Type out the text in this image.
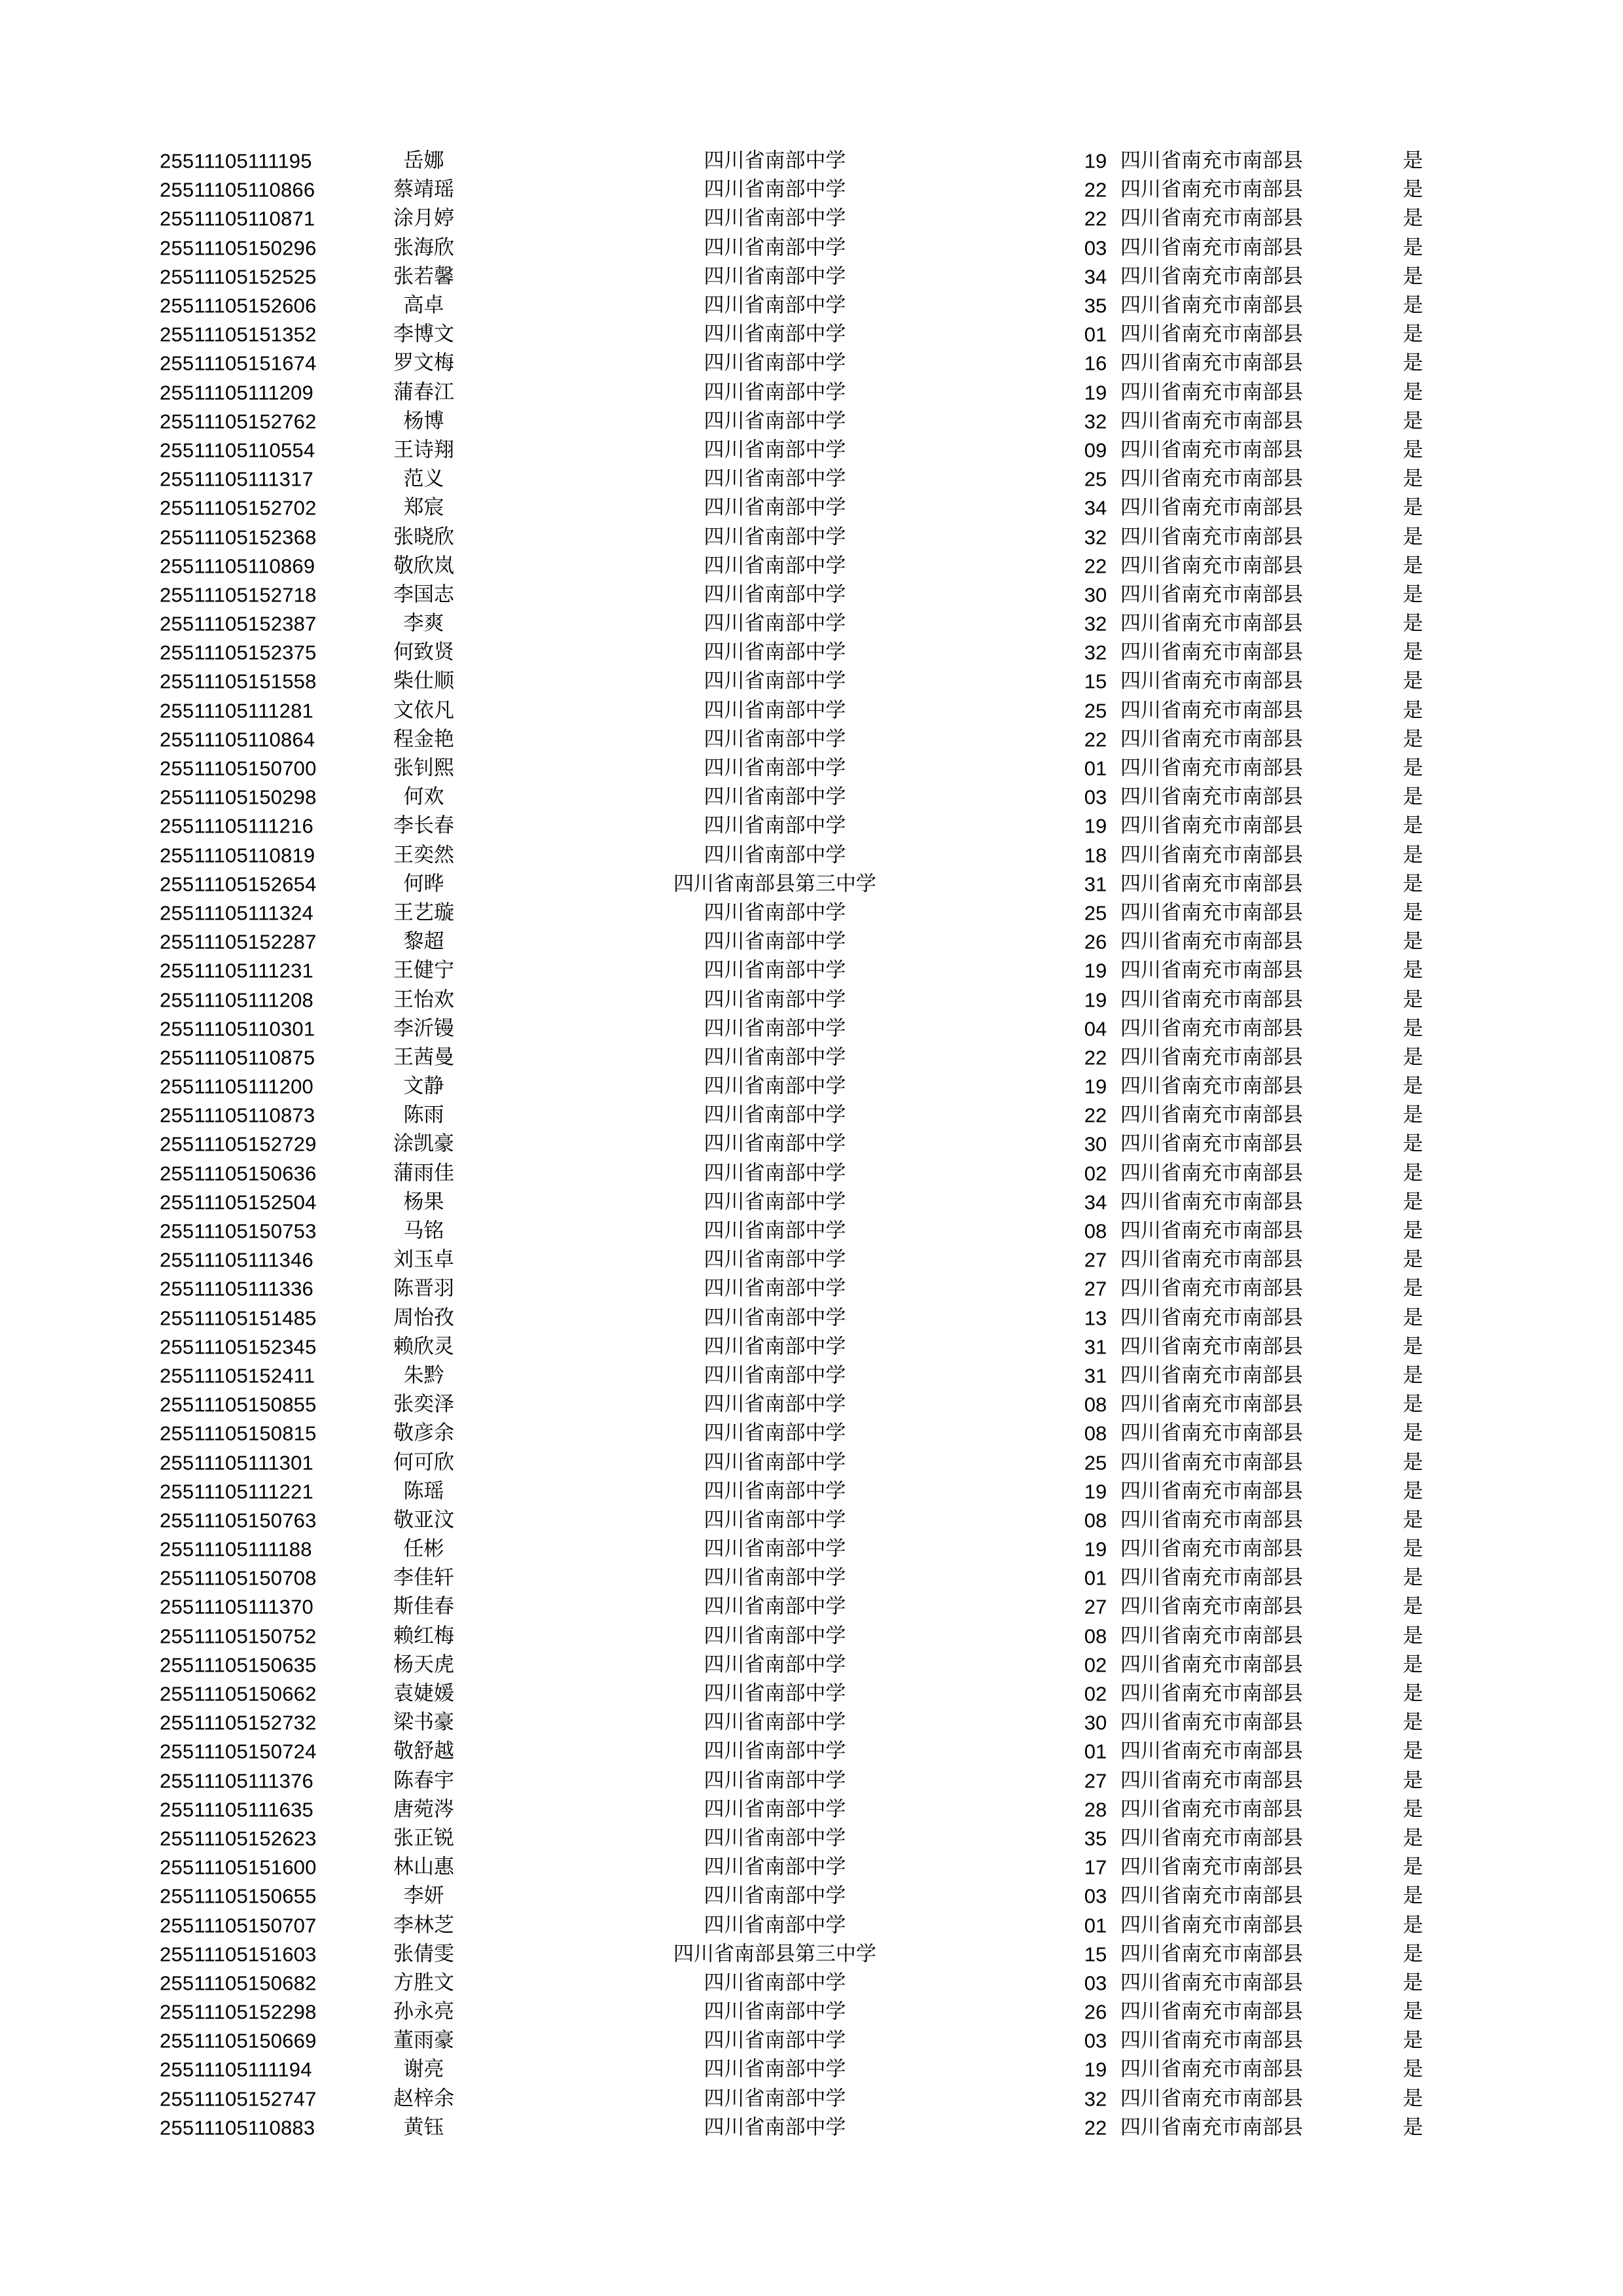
25511105111195	岳娜	四川省南部中学	19 四川省南充市南部县	是
25511105110866	蔡靖瑶	四川省南部中学	22 四川省南充市南部县	是
25511105110871	涂月婷	四川省南部中学	22 四川省南充市南部县	是
25511105150296	张海欣	四川省南部中学	03 四川省南充市南部县	是
25511105152525	张若馨	四川省南部中学	34 四川省南充市南部县	是
25511105152606	高卓	四川省南部中学	35 四川省南充市南部县	是
25511105151352	李博文	四川省南部中学	01 四川省南充市南部县	是
25511105151674	罗文梅	四川省南部中学	16 四川省南充市南部县	是
25511105111209	蒲春江	四川省南部中学	19 四川省南充市南部县	是
25511105152762	杨博	四川省南部中学	32 四川省南充市南部县	是
25511105110554	王诗翔	四川省南部中学	09 四川省南充市南部县	是
25511105111317	范义	四川省南部中学	25 四川省南充市南部县	是
25511105152702	郑宸	四川省南部中学	34 四川省南充市南部县	是
25511105152368	张晓欣	四川省南部中学	32 四川省南充市南部县	是
25511105110869	敬欣岚	四川省南部中学	22 四川省南充市南部县	是
25511105152718	李国志	四川省南部中学	30 四川省南充市南部县	是
25511105152387	李爽	四川省南部中学	32 四川省南充市南部县	是
25511105152375	何致贤	四川省南部中学	32 四川省南充市南部县	是
25511105151558	柴仕顺	四川省南部中学	15 四川省南充市南部县	是
25511105111281	文依凡	四川省南部中学	25 四川省南充市南部县	是
25511105110864	程金艳	四川省南部中学	22 四川省南充市南部县	是
25511105150700	张钊熙	四川省南部中学	01 四川省南充市南部县	是
25511105150298	何欢	四川省南部中学	03 四川省南充市南部县	是
25511105111216	李长春	四川省南部中学	19 四川省南充市南部县	是
25511105110819	王奕然	四川省南部中学	18 四川省南充市南部县	是
25511105152654	何晔	四川省南部县第三中学	31 四川省南充市南部县	是
25511105111324	王艺璇	四川省南部中学	25 四川省南充市南部县	是
25511105152287	黎超	四川省南部中学	26 四川省南充市南部县	是
25511105111231	王健宁	四川省南部中学	19 四川省南充市南部县	是
25511105111208	王怡欢	四川省南部中学	19 四川省南充市南部县	是
25511105110301	李沂镘	四川省南部中学	04 四川省南充市南部县	是
25511105110875	王茜曼	四川省南部中学	22 四川省南充市南部县	是
25511105111200	文静	四川省南部中学	19 四川省南充市南部县	是
25511105110873	陈雨	四川省南部中学	22 四川省南充市南部县	是
25511105152729	涂凯豪	四川省南部中学	30 四川省南充市南部县	是
25511105150636	蒲雨佳	四川省南部中学	02 四川省南充市南部县	是
25511105152504	杨果	四川省南部中学	34 四川省南充市南部县	是
25511105150753	马铭	四川省南部中学	08 四川省南充市南部县	是
25511105111346	刘玉卓	四川省南部中学	27 四川省南充市南部县	是
25511105111336	陈晋羽	四川省南部中学	27 四川省南充市南部县	是
25511105151485	周怡孜	四川省南部中学	13 四川省南充市南部县	是
25511105152345	赖欣灵	四川省南部中学	31 四川省南充市南部县	是
25511105152411	朱黔	四川省南部中学	31 四川省南充市南部县	是
25511105150855	张奕泽	四川省南部中学	08 四川省南充市南部县	是
25511105150815	敬彦余	四川省南部中学	08 四川省南充市南部县	是
25511105111301	何可欣	四川省南部中学	25 四川省南充市南部县	是
25511105111221	陈瑶	四川省南部中学	19 四川省南充市南部县	是
25511105150763	敬亚汶	四川省南部中学	08 四川省南充市南部县	是
25511105111188	任彬	四川省南部中学	19 四川省南充市南部县	是
25511105150708	李佳轩	四川省南部中学	01 四川省南充市南部县	是
25511105111370	斯佳春	四川省南部中学	27 四川省南充市南部县	是
25511105150752	赖红梅	四川省南部中学	08 四川省南充市南部县	是
25511105150635	杨天虎	四川省南部中学	02 四川省南充市南部县	是
25511105150662	袁婕媛	四川省南部中学	02 四川省南充市南部县	是
25511105152732	梁书豪	四川省南部中学	30 四川省南充市南部县	是
25511105150724	敬舒越	四川省南部中学	01 四川省南充市南部县	是
25511105111376	陈春宇	四川省南部中学	27 四川省南充市南部县	是
25511105111635	唐菀涔	四川省南部中学	28 四川省南充市南部县	是
25511105152623	张正锐	四川省南部中学	35 四川省南充市南部县	是
25511105151600	林山惠	四川省南部中学	17 四川省南充市南部县	是
25511105150655	李妍	四川省南部中学	03 四川省南充市南部县	是
25511105150707	李林芝	四川省南部中学	01 四川省南充市南部县	是
25511105151603	张倩雯	四川省南部县第三中学	15 四川省南充市南部县	是
25511105150682	方胜文	四川省南部中学	03 四川省南充市南部县	是
25511105152298	孙永亮	四川省南部中学	26 四川省南充市南部县	是
25511105150669	董雨豪	四川省南部中学	03 四川省南充市南部县	是
25511105111194	谢亮	四川省南部中学	19 四川省南充市南部县	是
25511105152747	赵梓余	四川省南部中学	32 四川省南充市南部县	是
25511105110883	黄钰	四川省南部中学	22 四川省南充市南部县	是
